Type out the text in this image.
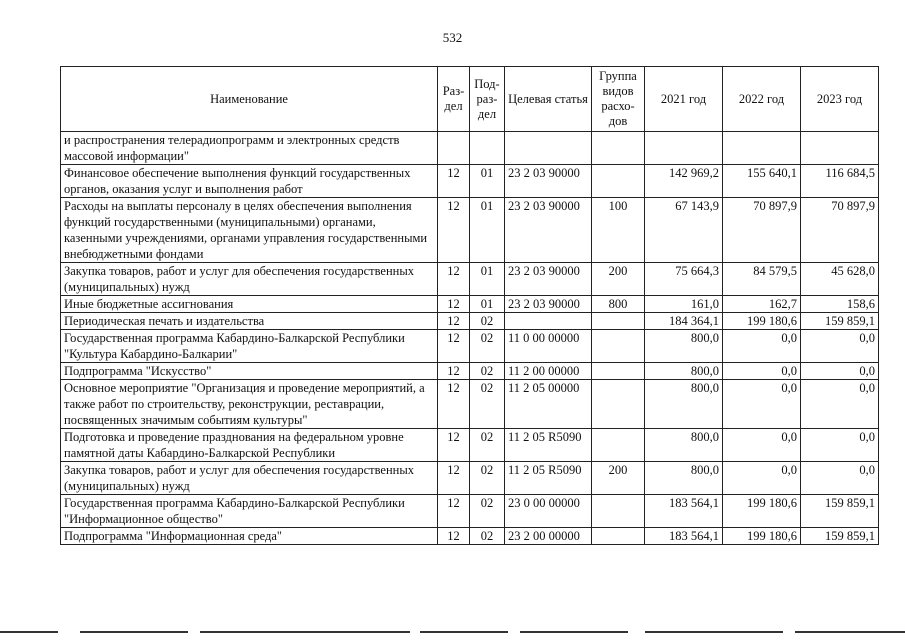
532
Наименование	Раз-дел	Под-раз-дел	Целевая статья	Группа видов расхо-дов	2021 год	2022 год	2023 год
и распространения телерадиопрограмм и электронных средств массовой информации"							
Финансовое обеспечение выполнения функций государственных органов, оказания услуг и выполнения работ	12	01	23 2 03 90000		142 969,2	155 640,1	116 684,5
Расходы на выплаты персоналу в целях обеспечения выполнения функций государственными (муниципальными) органами, казенными учреждениями, органами управления государственными внебюджетными фондами	12	01	23 2 03 90000	100	67 143,9	70 897,9	70 897,9
Закупка товаров, работ и услуг для обеспечения государственных (муниципальных) нужд	12	01	23 2 03 90000	200	75 664,3	84 579,5	45 628,0
Иные бюджетные ассигнования	12	01	23 2 03 90000	800	161,0	162,7	158,6
Периодическая печать и издательства	12	02			184 364,1	199 180,6	159 859,1
Государственная программа Кабардино-Балкарской Республики "Культура Кабардино-Балкарии"	12	02	11 0 00 00000		800,0	0,0	0,0
Подпрограмма "Искусство"	12	02	11 2 00 00000		800,0	0,0	0,0
Основное мероприятие "Организация и проведение мероприятий, а также работ по строительству, реконструкции, реставрации, посвященных значимым событиям культуры"	12	02	11 2 05 00000		800,0	0,0	0,0
Подготовка и проведение празднования на федеральном уровне памятной даты Кабардино-Балкарской Республики	12	02	11 2 05 R5090		800,0	0,0	0,0
Закупка товаров, работ и услуг для обеспечения государственных (муниципальных) нужд	12	02	11 2 05 R5090	200	800,0	0,0	0,0
Государственная программа Кабардино-Балкарской Республики "Информационное общество"	12	02	23 0 00 00000		183 564,1	199 180,6	159 859,1
Подпрограмма "Информационная среда"	12	02	23 2 00 00000		183 564,1	199 180,6	159 859,1
